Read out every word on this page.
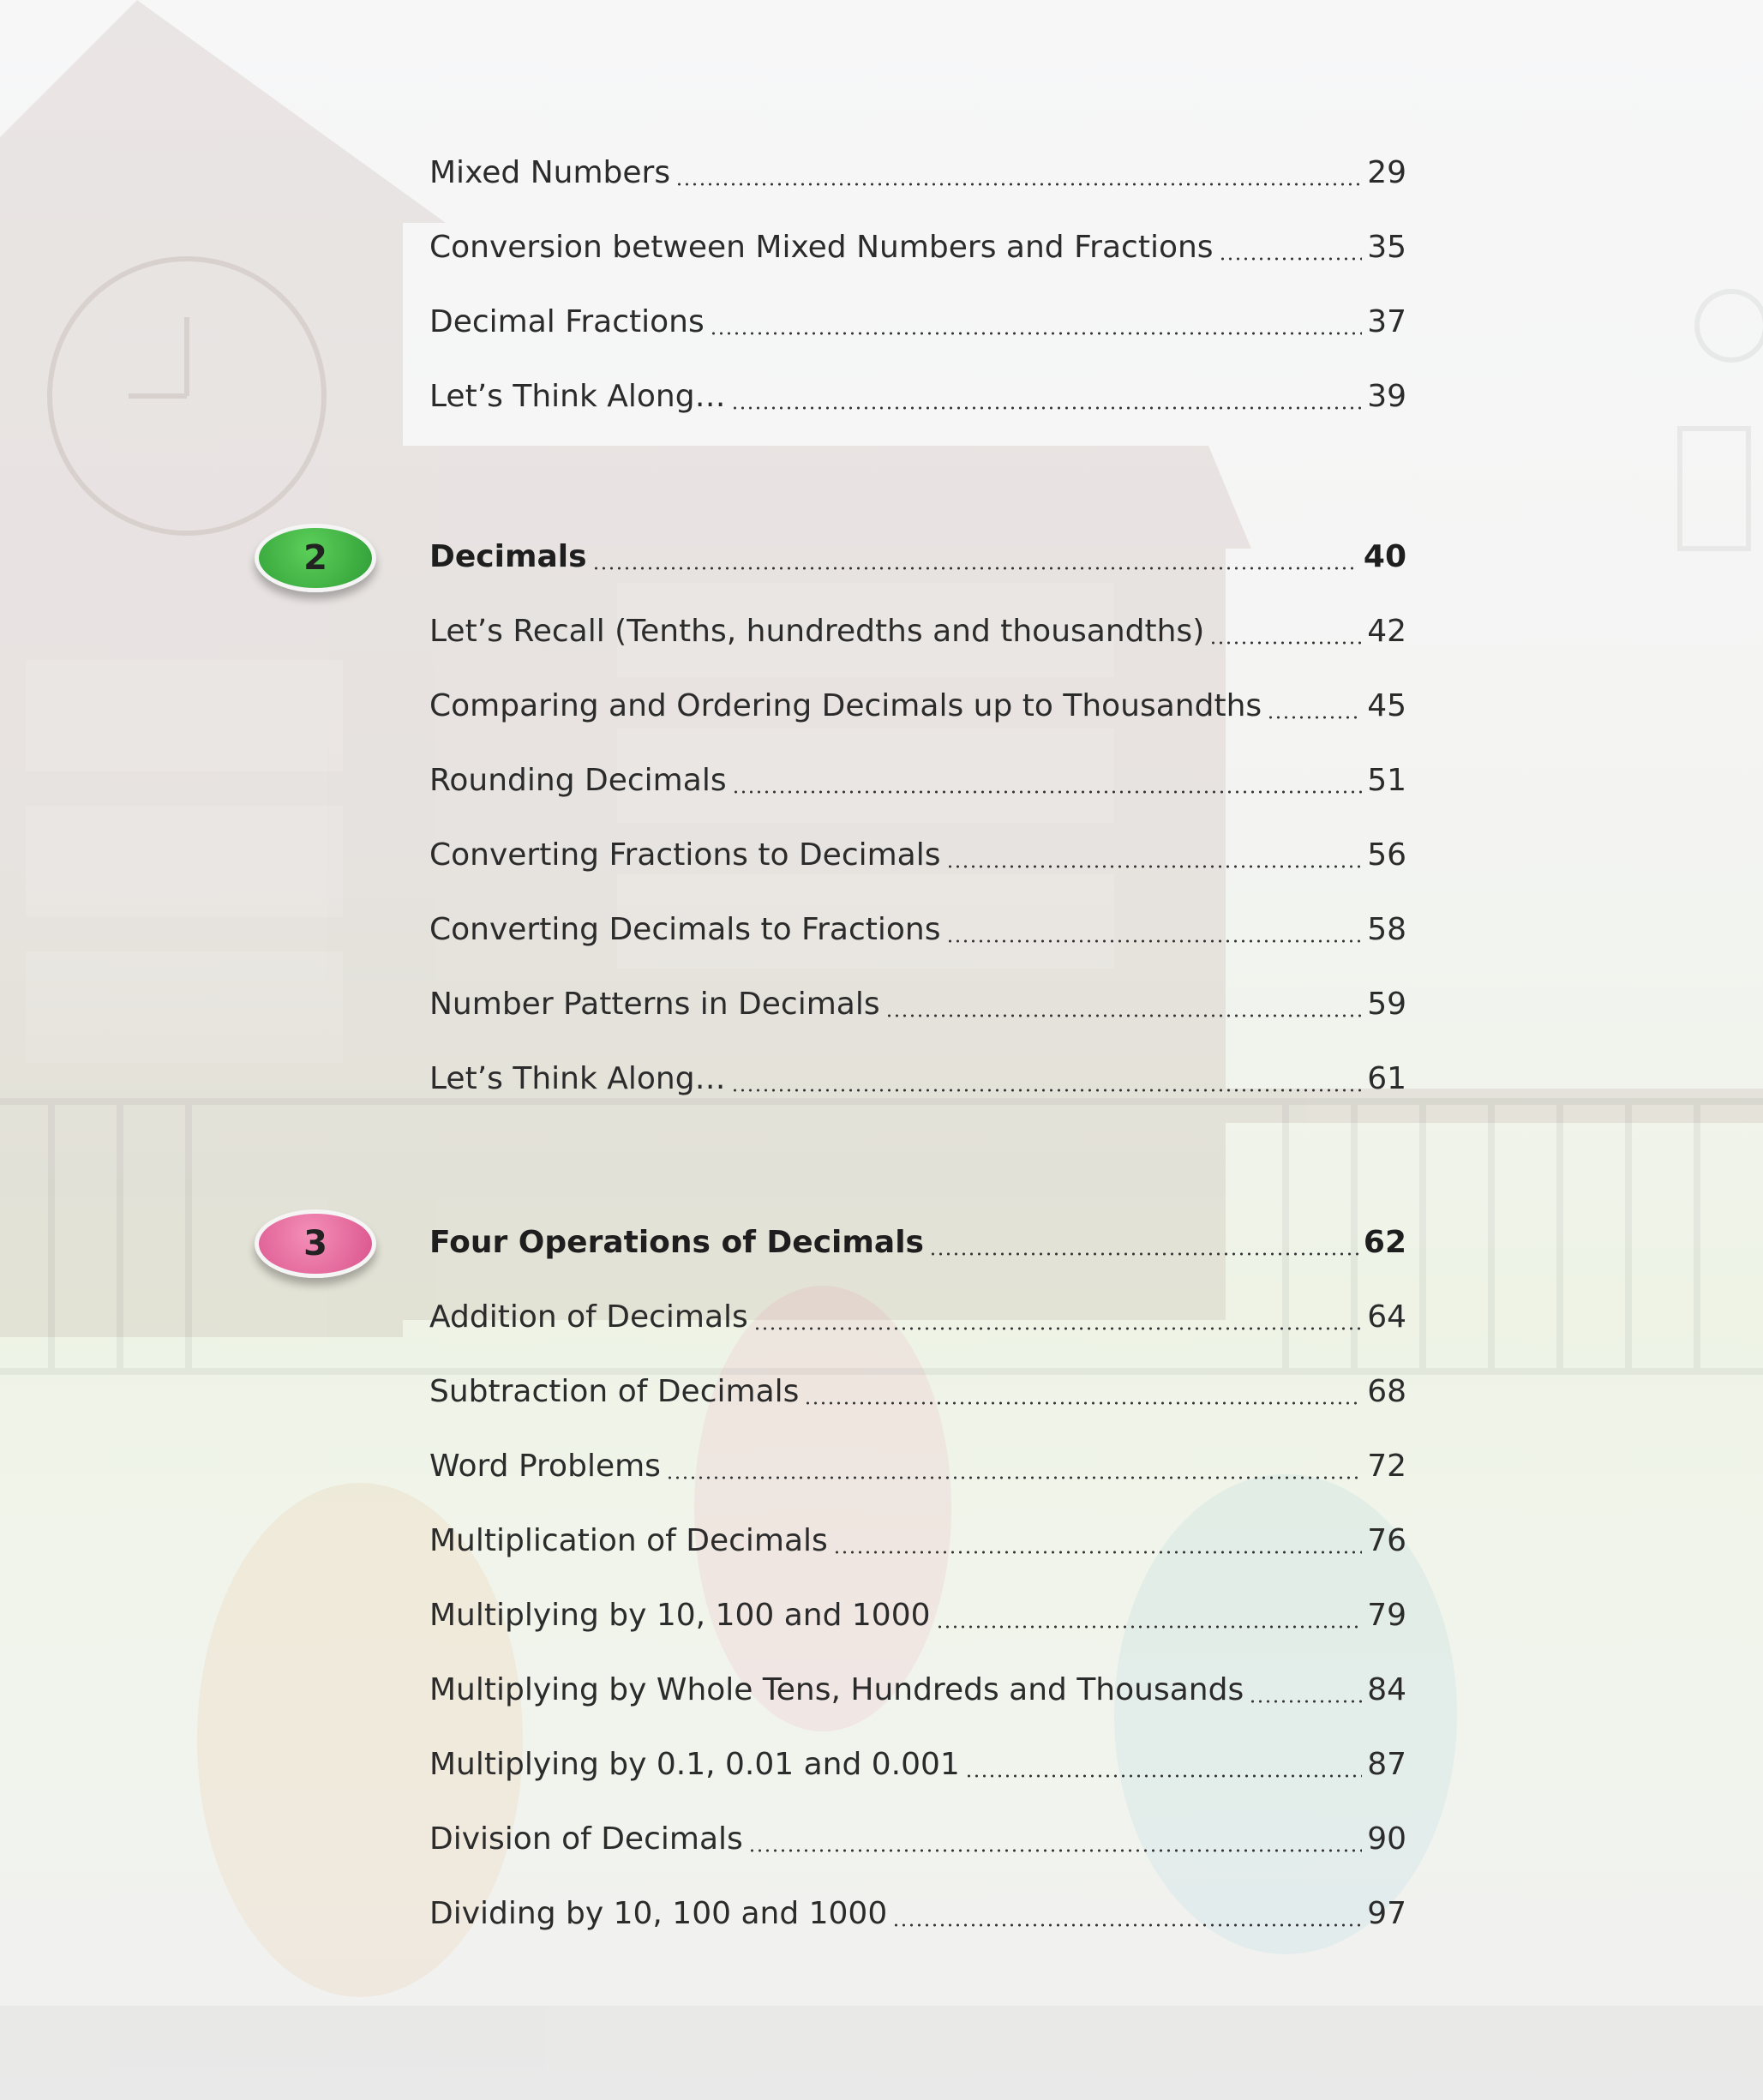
2
3
Mixed Numbers	29
Conversion between Mixed Numbers and Fractions	35
Decimal Fractions	37
Let’s Think Along…	39
Decimals	40
Let’s Recall (Tenths, hundredths and thousandths)	42
Comparing and Ordering Decimals up to Thousandths	45
Rounding Decimals	51
Converting Fractions to Decimals	56
Converting Decimals to Fractions	58
Number Patterns in Decimals	59
Let’s Think Along…	61
Four Operations of Decimals	62
Addition of Decimals	64
Subtraction of Decimals	68
Word Problems	72
Multiplication of Decimals	76
Multiplying by 10, 100 and 1000	79
Multiplying by Whole Tens, Hundreds and Thousands	84
Multiplying by 0.1, 0.01 and 0.001	87
Division of Decimals	90
Dividing by 10, 100 and 1000	97
